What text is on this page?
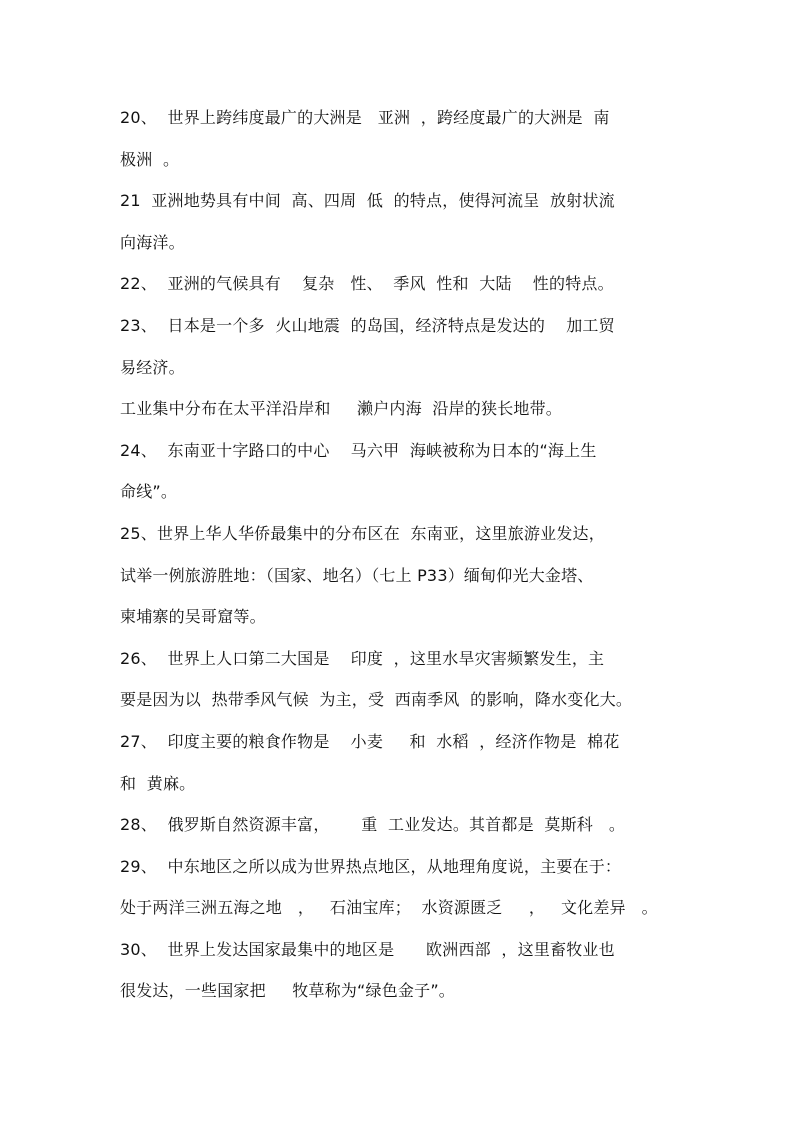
20、  世界上跨纬度最广的大洲是   亚洲  ，跨经度最广的大洲是  南
极洲  。
21  亚洲地势具有中间  高、四周  低  的特点，使得河流呈  放射状流
向海洋。
22、  亚洲的气候具有    复杂   性、  季风  性和  大陆    性的特点。
23、  日本是一个多  火山地震  的岛国，经济特点是发达的    加工贸
易经济。
工业集中分布在太平洋沿岸和     濑户内海  沿岸的狭长地带。
24、  东南亚十字路口的中心    马六甲  海峡被称为日本的“海上生
命线”。
25、世界上华人华侨最集中的分布区在  东南亚，这里旅游业发达，
试举一例旅游胜地：（国家、地名）（七上 P33）缅甸仰光大金塔、
柬埔寨的吴哥窟等。
26、  世界上人口第二大国是    印度  ，这里水旱灾害频繁发生，主
要是因为以  热带季风气候  为主，受  西南季风  的影响，降水变化大。
27、  印度主要的粮食作物是    小麦     和  水稻  ，经济作物是  棉花
和  黄麻。
28、  俄罗斯自然资源丰富，      重  工业发达。其首都是  莫斯科   。
29、  中东地区之所以成为世界热点地区，从地理角度说，主要在于：
处于两洋三洲五海之地   ，   石油宝库；  水资源匮乏     ，   文化差异   。
30、  世界上发达国家最集中的地区是      欧洲西部  ，这里畜牧业也
很发达，一些国家把     牧草称为“绿色金子”。
